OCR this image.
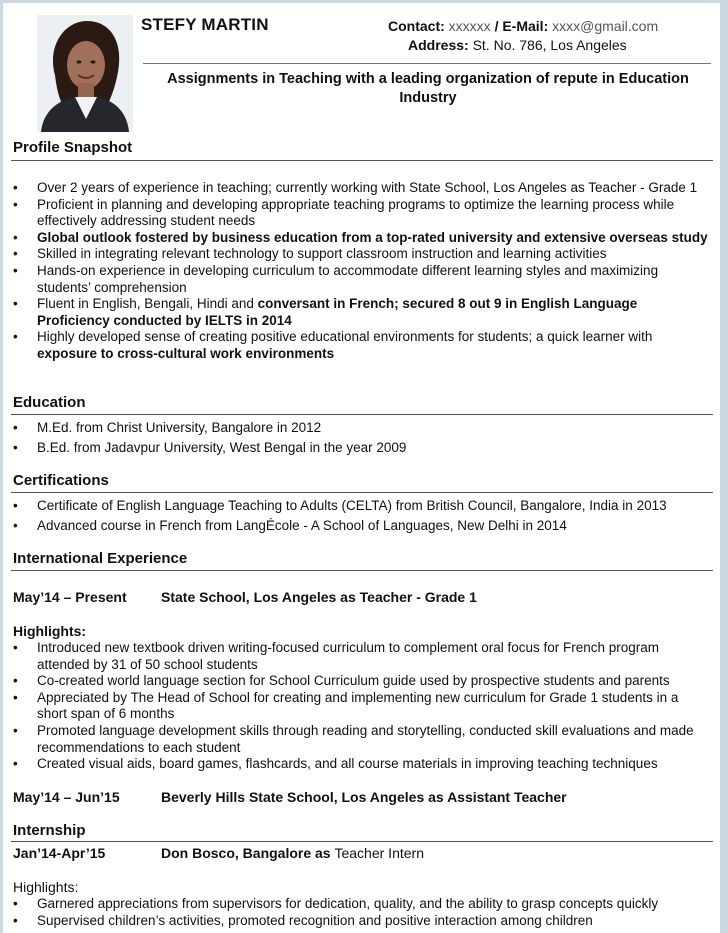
STEFY MARTIN	Contact: xxxxxx / E-Mail: xxxx@gmail.com
Address: St. No. 786, Los Angeles
Assignments in Teaching with a leading organization of repute in Education Industry
Profile Snapshot
• Over 2 years of experience in teaching; currently working with State School, Los Angeles as Teacher - Grade 1
• Proficient in planning and developing appropriate teaching programs to optimize the learning process while effectively addressing student needs
• Global outlook fostered by business education from a top-rated university and extensive overseas study
• Skilled in integrating relevant technology to support classroom instruction and learning activities
• Hands-on experience in developing curriculum to accommodate different learning styles and maximizing students’ comprehension
• Fluent in English, Bengali, Hindi and conversant in French; secured 8 out 9 in English Language Proficiency conducted by IELTS in 2014
• Highly developed sense of creating positive educational environments for students; a quick learner with exposure to cross-cultural work environments
Education
• M.Ed. from Christ University, Bangalore in 2012
• B.Ed. from Jadavpur University, West Bengal in the year 2009
Certifications
• Certificate of English Language Teaching to Adults (CELTA) from British Council, Bangalore, India in 2013
• Advanced course in French from LangÉcole - A School of Languages, New Delhi in 2014
International Experience
May’14 – Present State School, Los Angeles as Teacher - Grade 1
Highlights:
• Introduced new textbook driven writing-focused curriculum to complement oral focus for French program attended by 31 of 50 school students
• Co-created world language section for School Curriculum guide used by prospective students and parents
• Appreciated by The Head of School for creating and implementing new curriculum for Grade 1 students in a short span of 6 months
• Promoted language development skills through reading and storytelling, conducted skill evaluations and made recommendations to each student
• Created visual aids, board games, flashcards, and all course materials in improving teaching techniques
May’14 – Jun’15	Beverly Hills State School, Los Angeles as Assistant Teacher
Internship
Jan’14-Apr’15	Don Bosco, Bangalore as Teacher Intern
Highlights:
• Garnered appreciations from supervisors for dedication, quality, and the ability to grasp concepts quickly
• Supervised children’s activities, promoted recognition and positive interaction among children
